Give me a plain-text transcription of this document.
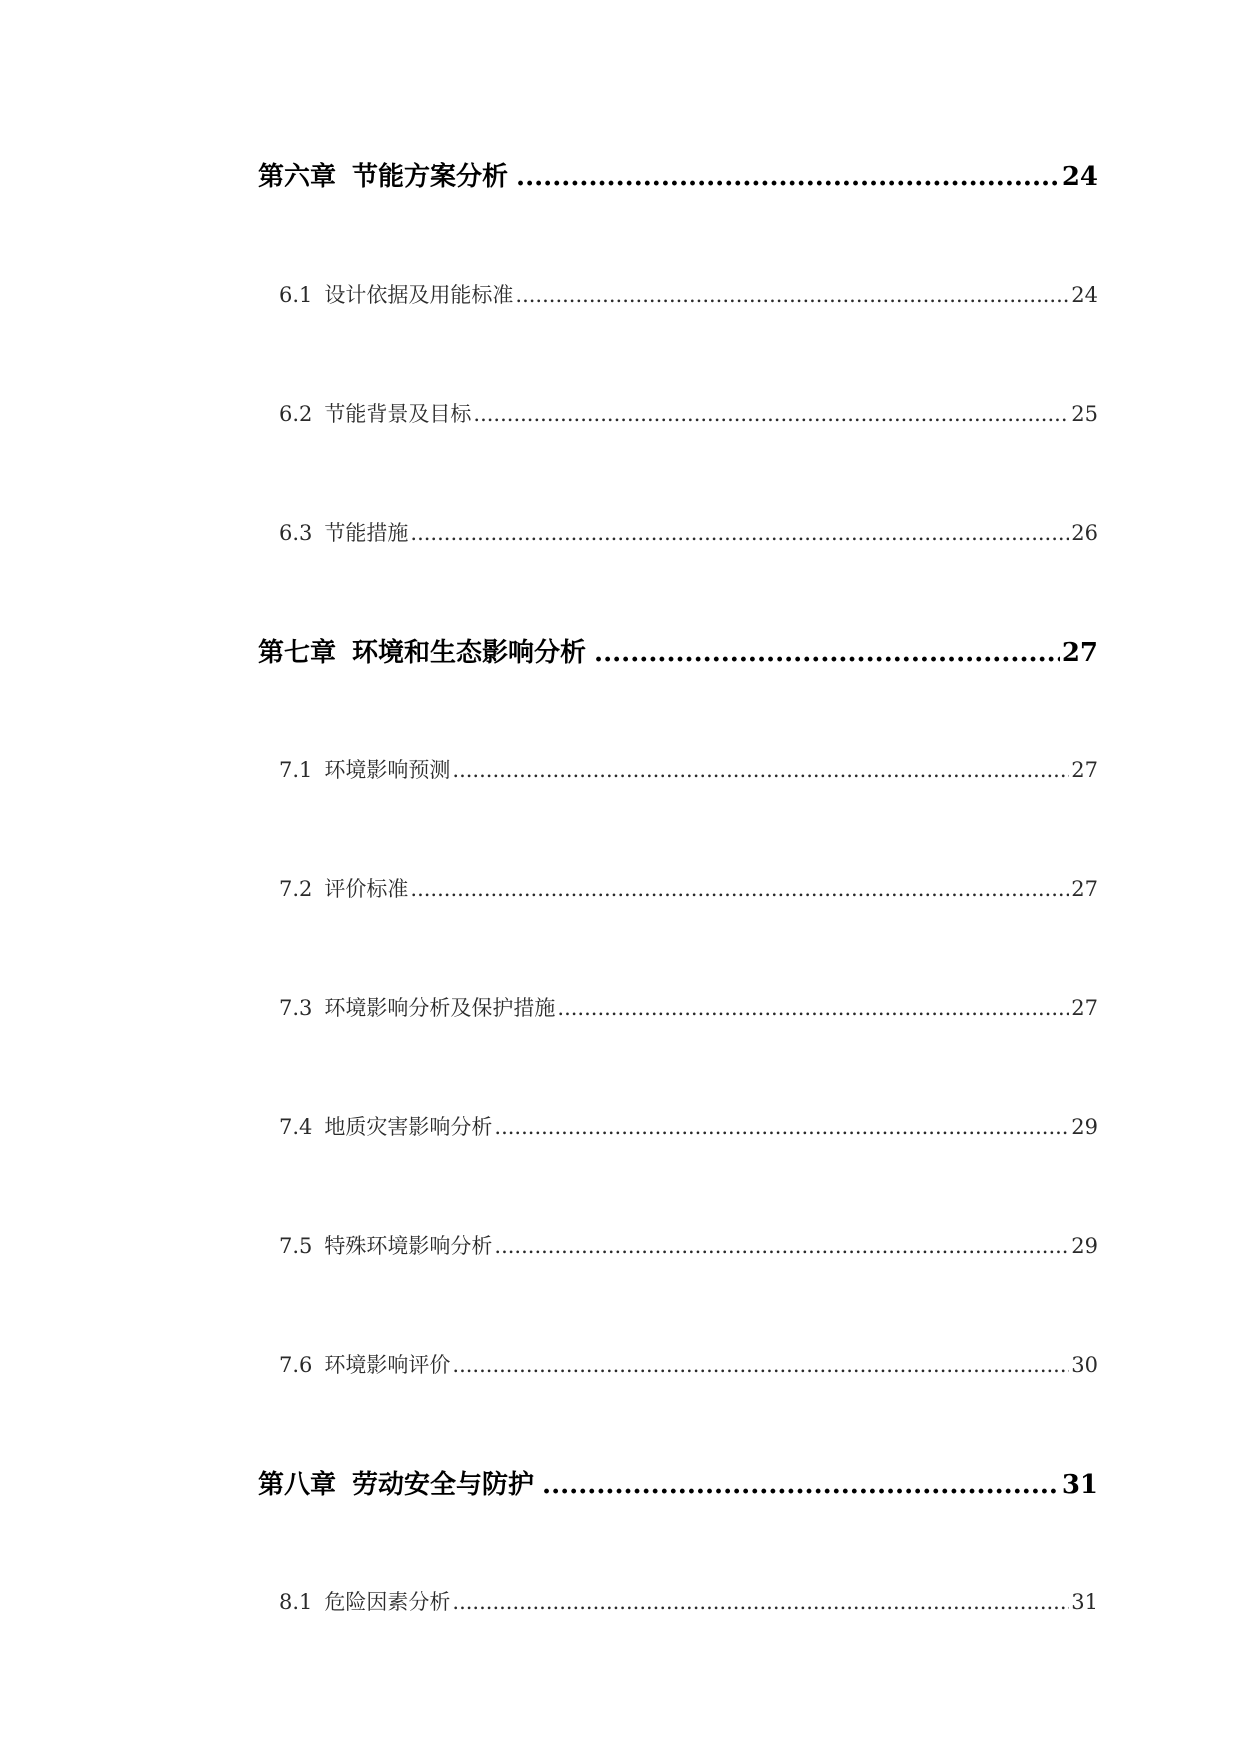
第六章 节能方案分析 .....	24
6.1 设计依据及用能标准 .....	24
6.2 节能背景及目标 .....	25
6.3 节能措施 .....	26
第七章 环境和生态影响分析 .....	27
7.1 环境影响预测 .....	27
7.2 评价标准 .....	27
7.3 环境影响分析及保护措施 .....	27
7.4 地质灾害影响分析 .....	29
7.5 特殊环境影响分析 .....	29
7.6 环境影响评价 .....	30
第八章 劳动安全与防护 .....	31
8.1 危险因素分析 .....	31
